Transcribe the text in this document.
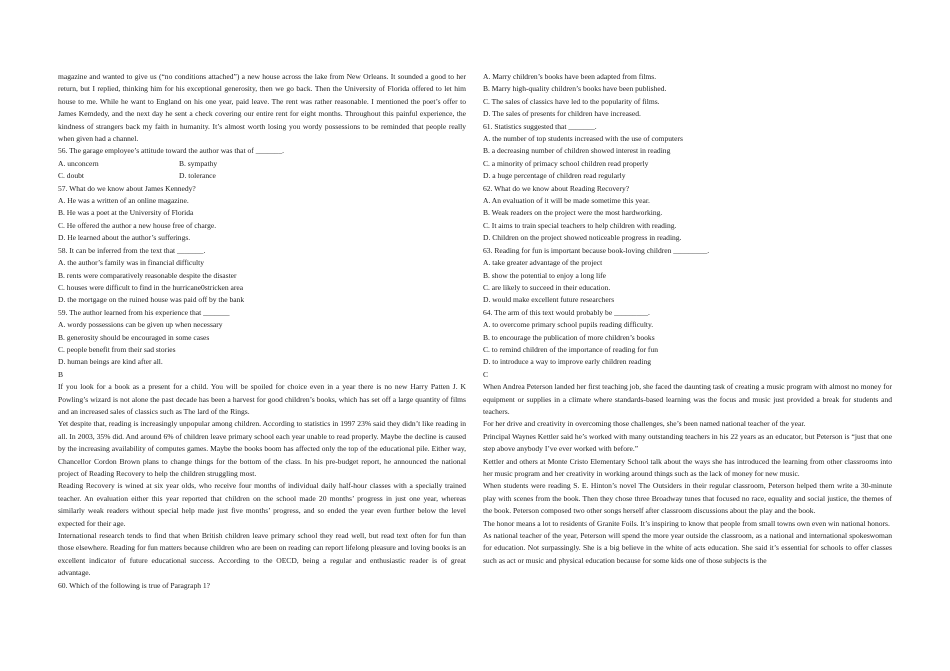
magazine and wanted to give us (“no conditions attached”) a new house across the lake from New Orleans. It sounded a good to her return, but I replied, thinking him for his exceptional generosity, then we go back. Then the University of Florida offered to let him house to me. While he want to England on his one year, paid leave. The rent was rather reasonable. I mentioned the poet’s offer to James Kemdedy, and the next day he sent a check covering our entire rent for eight months. Throughout this painful experience, the kindness of strangers back my faith in humanity. It’s almost worth losing you wordy possessions to be reminded that people really when given had a channel.

56. The garage employee’s attitude toward the author was that of _______.

A. unconcern	B. sympathy
C. doubt	D. tolerance

57. What do we know about James Kennedy?

A. He was a written of an online magazine.

B. He was a poet at the University of Florida

C. He offered the author a new house free of charge.

D. He learned about the author’s sufferings.

58. It can be inferred from the text that _______.

A. the author’s family was in financial difficulty

B. rents were comparatively reasonable despite the disaster

C. houses were difficult to find in the hurricane0stricken area

D. the mortgage on the ruined house was paid off by the bank

59. The author learned from his experience that _______

A. wordy possessions can be given up when necessary

B. generosity should be encouraged in some cases

C. people benefit from their sad stories

D. human beings are kind after all.

B

If you look for a book as a present for a child. You will be spoiled for choice even in a year there is no new Harry Patten J. K Powling’s wizard is not alone the past decade has been a harvest for good children’s books, which has set off a large quantity of films and an increased sales of classics such as The lard of the Rings.

Yet despite that, reading is increasingly unpopular among children. According to statistics in 1997 23% said they didn’t like reading in all. In 2003, 35% did. And around 6% of children leave primary school each year unable to read properly. Maybe the decline is caused by the increasing availability of computes games. Maybe the books boom has affected only the top of the educational pile. Either way, Chancellor Cordon Brown plans to change things for the bottom of the class. In his pre-budget report, he announced the national project of Reading Recovery to help the children struggling most.

Reading Recovery is wined at six year olds, who receive four months of individual daily half-hour classes with a specially trained teacher. An evaluation either this year reported that children on the school made 20 months’ progress in just one year, whereas similarly weak readers without special help made just five months’ progress, and so ended the year even further below the level expected for their age.

International research tends to find that when British children leave primary school they read well, but read text often for fun than those elsewhere. Reading for fun matters because children who are been on reading can report lifelong pleasure and loving books is an excellent indicator of future educational success. According to the OECD, being a regular and enthusiastic reader is of great advantage.

60. Which of the following is true of Paragraph 1?

A. Marry children’s books have been adapted from films.

B. Marry high-quality children’s books have been published.

C. The sales of classics have led to the popularity of films.

D. The sales of presents for children have increased.

61. Statistics suggested that _______.

A. the number of top students increased with the use of computers

B. a decreasing number of children showed interest in reading

C. a minority of primacy school children read properly

D. a huge percentage of children read regularly

62. What do we know about Reading Recovery?

A. An evaluation of it will be made sometime this year.

B. Weak readers on the project were the most hardworking.

C. It aims to train special teachers to help children with reading.

D. Children on the project showed noticeable progress in reading.

63. Reading for fun is important because book-loving children _________.

A. take greater advantage of the project

B. show the potential to enjoy a long life

C. are likely to succeed in their education.

D. would make excellent future researchers

64. The arm of this text would probably be _________.

A. to overcome primary school pupils reading difficulty.

B. to encourage the publication of more children’s books

C. to remind children of the importance of reading for fun

D. to introduce a way to improve early children reading

C

When Andrea Peterson landed her first teaching job, she faced the daunting task of creating a music program with almost no money for equipment or supplies in a climate where standards-based learning was the focus and music just provided a break for students and teachers.

For her drive and creativity in overcoming those challenges, she’s been named national teacher of the year.

Principal Waynes Kettler said he’s worked with many outstanding teachers in his 22 years as an educator, but Peterson is “just that one step above anybody I’ve ever worked with before.”

Kettler and others at Monte Cristo Elementary School talk about the ways she has introduced the learning from other classrooms into her music program and her creativity in working around things such as the lack of money for new music.

When students were reading S. E. Hinton’s novel The Outsiders in their regular classroom, Peterson helped them write a 30-minute play with scenes from the book. Then they chose three Broadway tunes that focused no race, equality and social justice, the themes of the book. Peterson composed two other songs herself after classroom discussions about the play and the book.

The honor means a lot to residents of Granite Foils. It’s inspiring to know that people from small towns own even win national honors.

As national teacher of the year, Peterson will spend the more year outside the classroom, as a national and international spokeswoman for education. Not surpassingly. She is a big believe in the white of acts education. She said it’s essential for schools to offer classes such as act or music and physical education because for some kids one of those subjects is the
